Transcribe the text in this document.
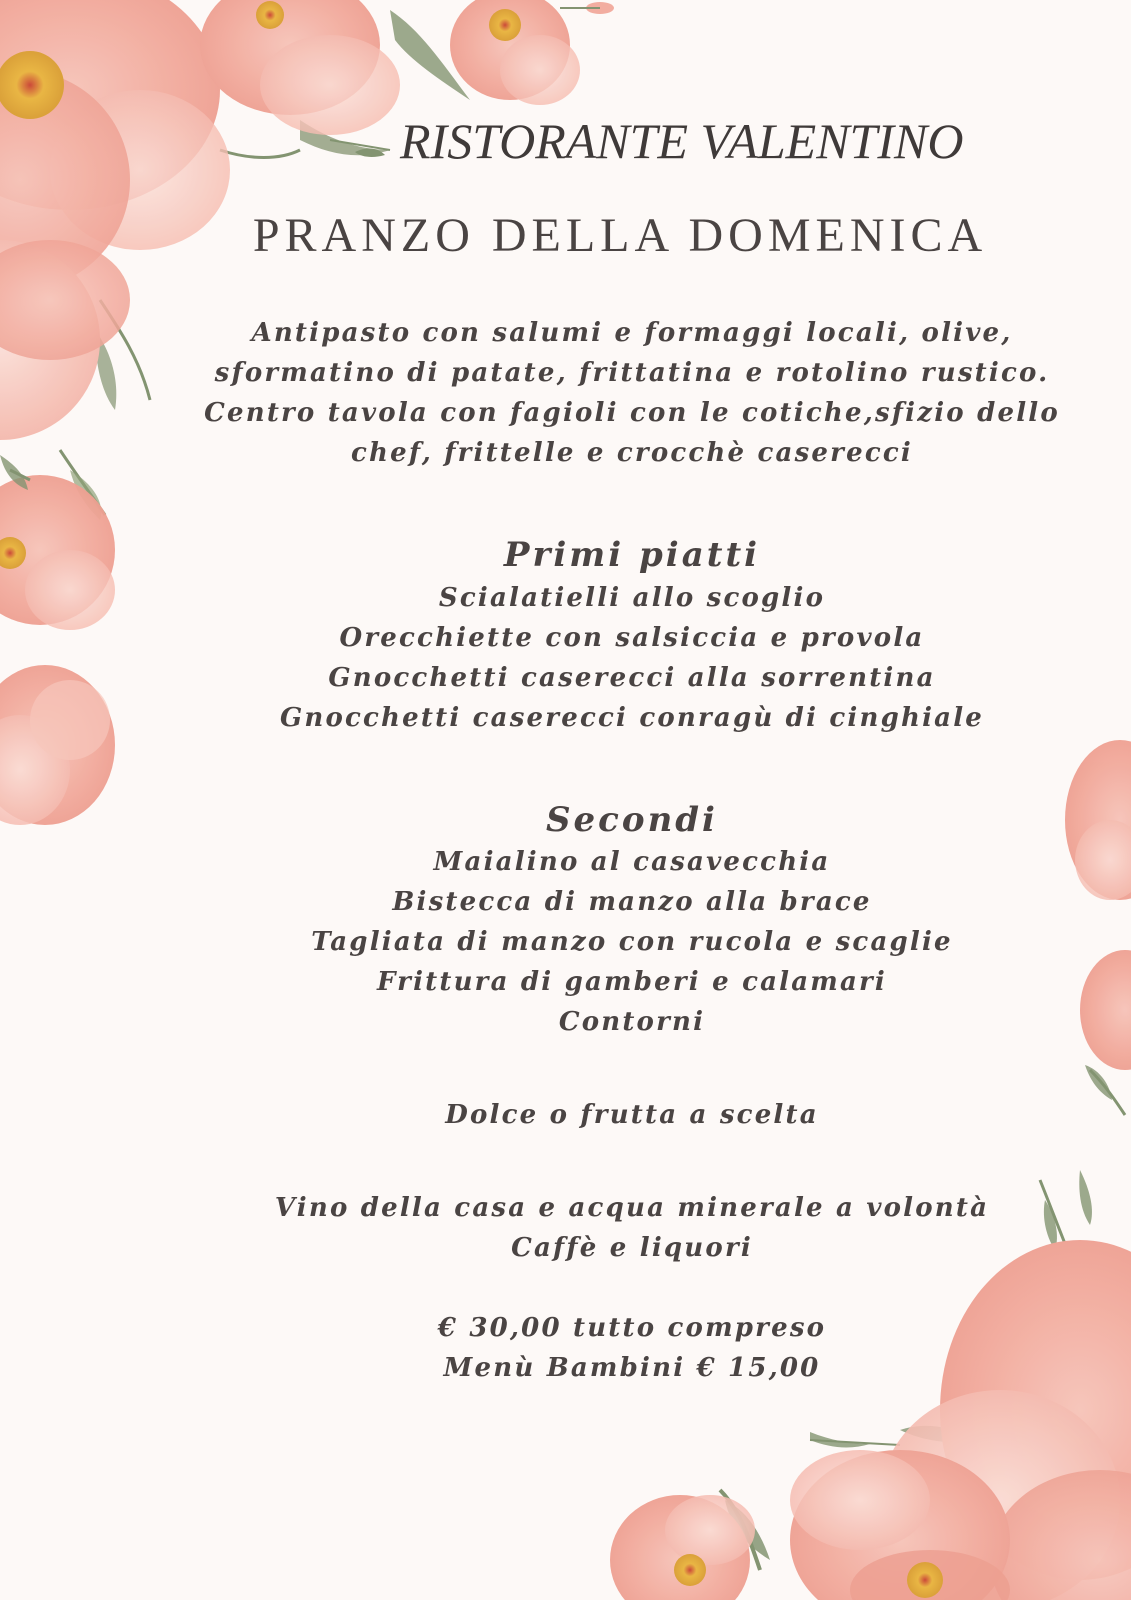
RISTORANTE VALENTINO
PRANZO DELLA DOMENICA
Antipasto con salumi e formaggi locali, olive,
sformatino di patate, frittatina e rotolino rustico.
Centro tavola con fagioli con le cotiche,sfizio dello
chef, frittelle e crocchè caserecci
Primi piatti
Scialatielli allo scoglio
Orecchiette con salsiccia e provola
Gnocchetti caserecci alla sorrentina
Gnocchetti caserecci conragù di cinghiale
Secondi
Maialino al casavecchia
Bistecca di manzo alla brace
Tagliata di manzo con rucola e scaglie
Frittura di gamberi e calamari
Contorni
Dolce o frutta a scelta
Vino della casa e acqua minerale a volontà
Caffè e liquori
€ 30,00 tutto compreso
Menù Bambini € 15,00
